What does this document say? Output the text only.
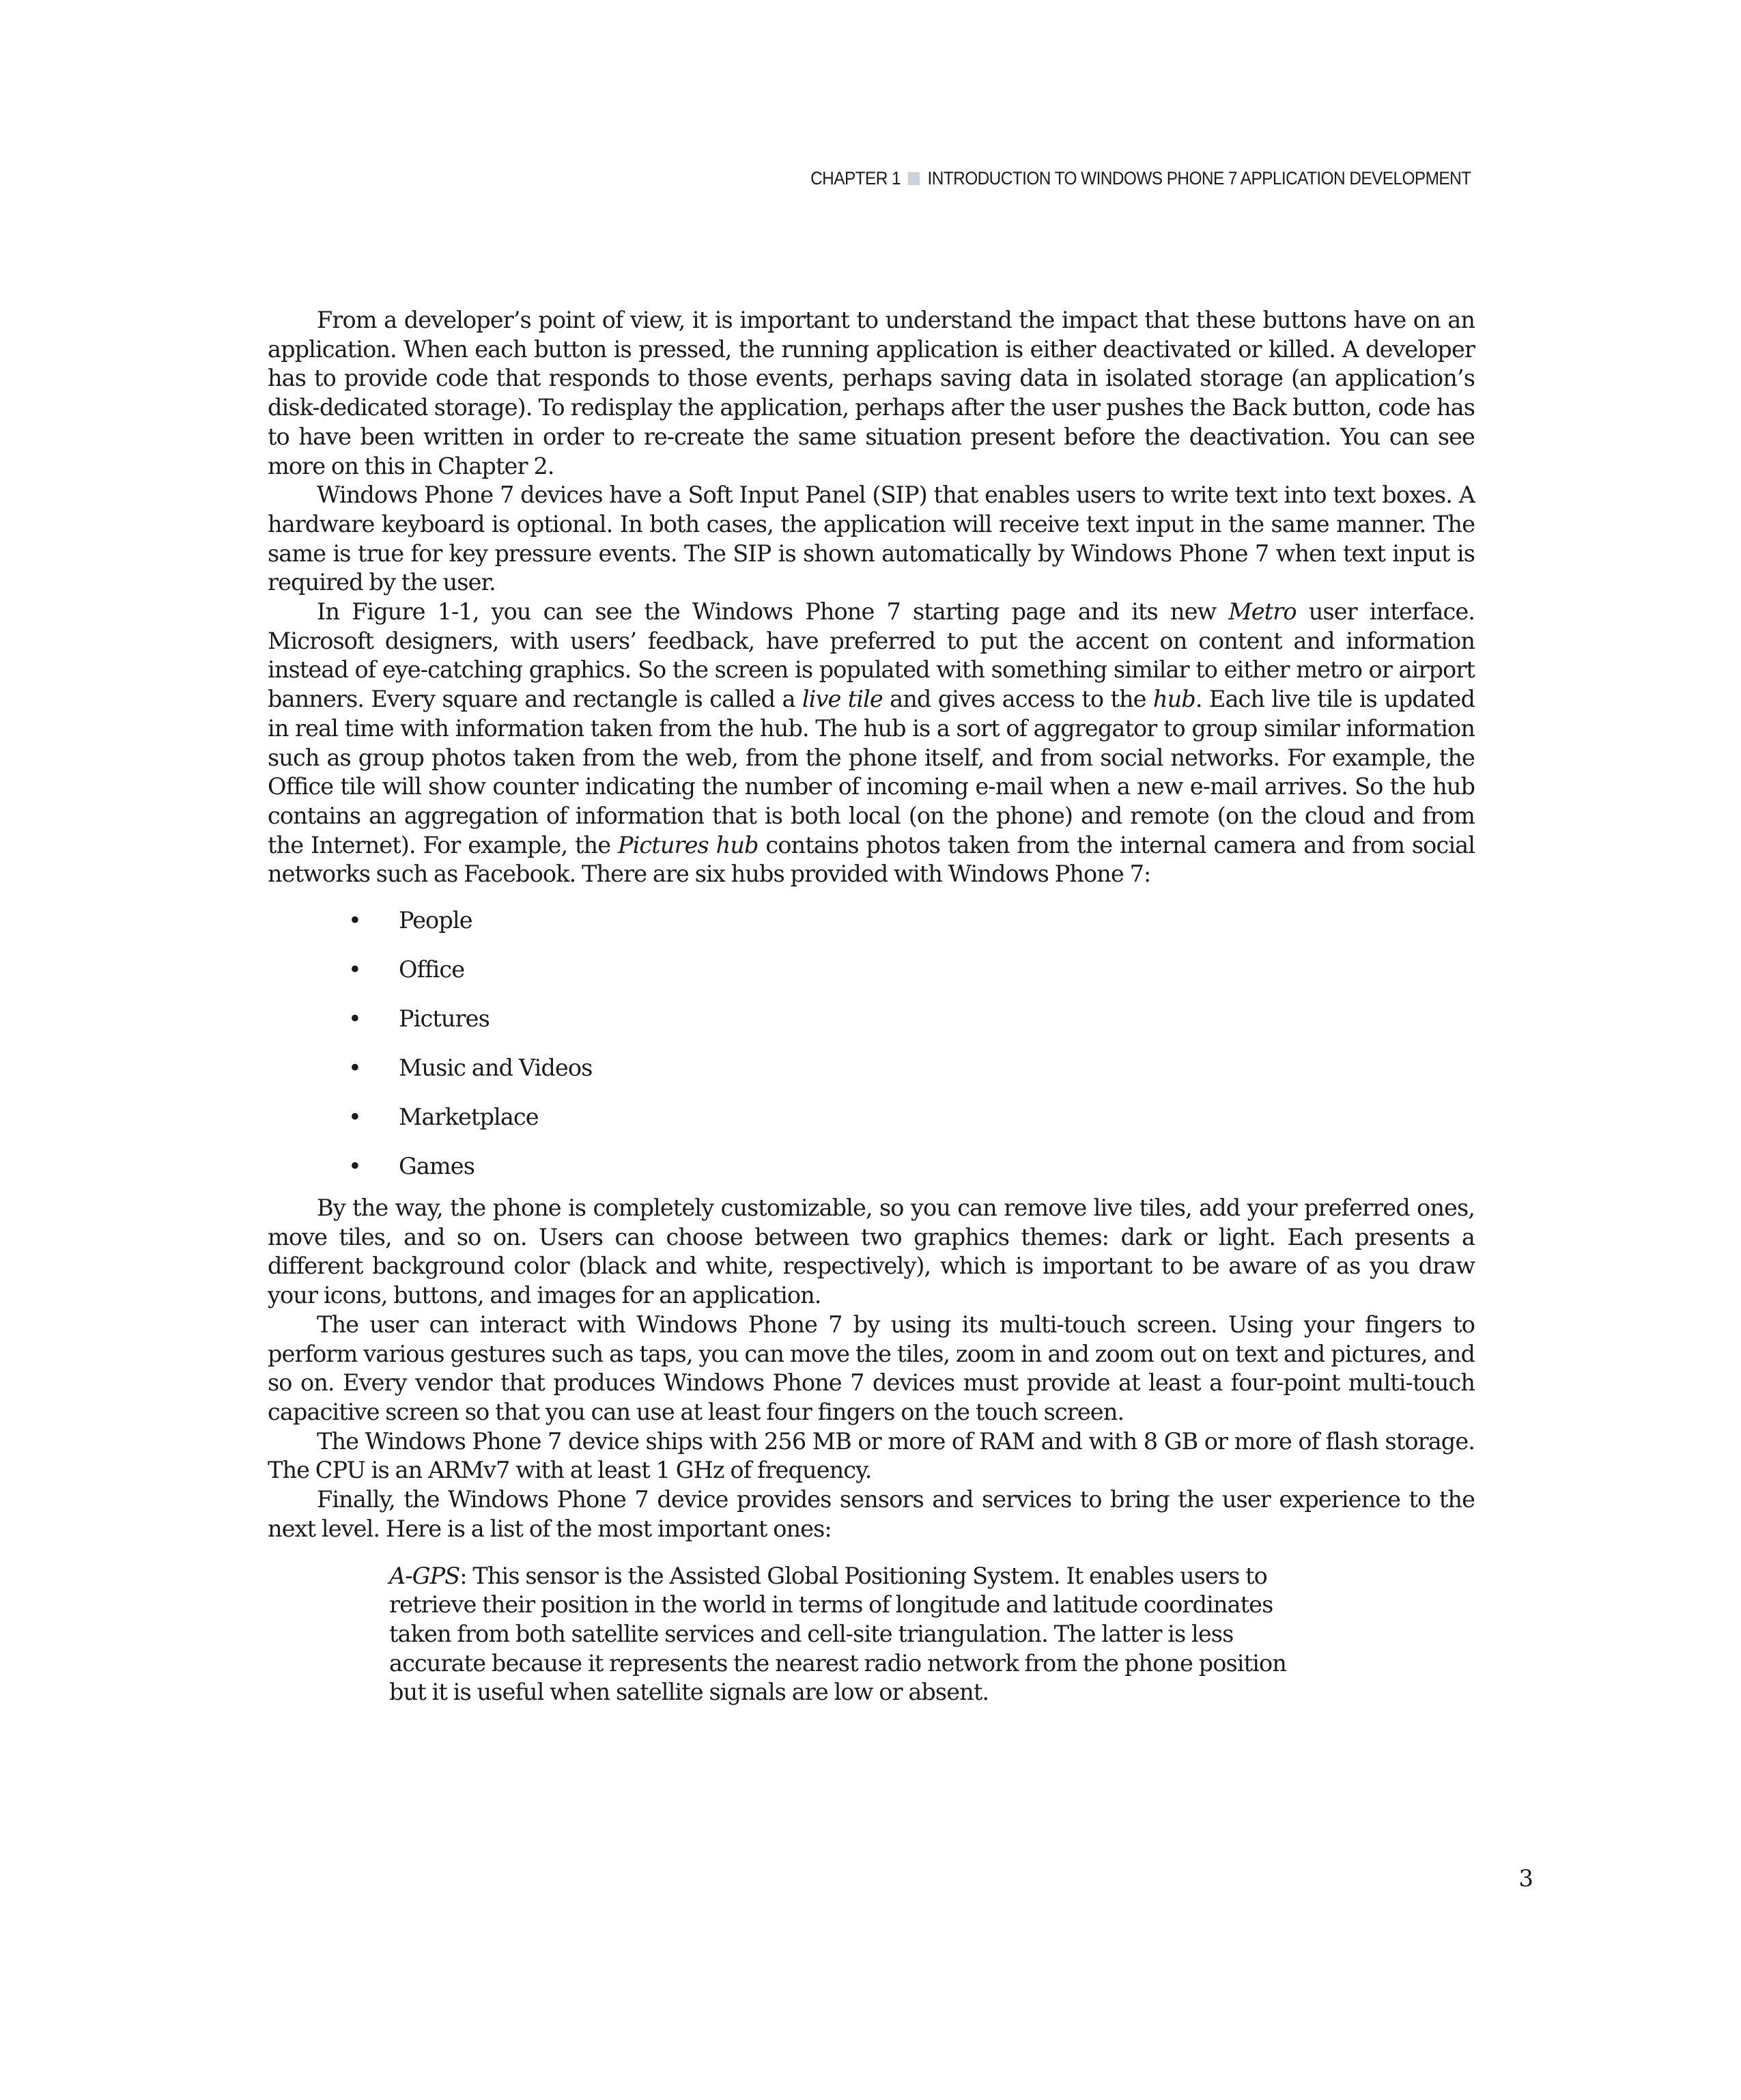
CHAPTER 1 INTRODUCTION TO WINDOWS PHONE 7 APPLICATION DEVELOPMENT

From a developer’s point of view, it is important to understand the impact that these buttons have on an application. When each button is pressed, the running application is either deactivated or killed. A developer has to provide code that responds to those events, perhaps saving data in isolated storage (an application’s disk-dedicated storage). To redisplay the application, perhaps after the user pushes the Back button, code has to have been written in order to re-create the same situation present before the deactivation. You can see more on this in Chapter 2.

Windows Phone 7 devices have a Soft Input Panel (SIP) that enables users to write text into text boxes. A hardware keyboard is optional. In both cases, the application will receive text input in the same manner. The same is true for key pressure events. The SIP is shown automatically by Windows Phone 7 when text input is required by the user.

In Figure 1-1, you can see the Windows Phone 7 starting page and its new Metro user interface. Microsoft designers, with users’ feedback, have preferred to put the accent on content and information instead of eye-catching graphics. So the screen is populated with something similar to either metro or airport banners. Every square and rectangle is called a live tile and gives access to the hub. Each live tile is updated in real time with information taken from the hub. The hub is a sort of aggregator to group similar information such as group photos taken from the web, from the phone itself, and from social networks. For example, the Office tile will show counter indicating the number of incoming e-mail when a new e-mail arrives. So the hub contains an aggregation of information that is both local (on the phone) and remote (on the cloud and from the Internet). For example, the Pictures hub contains photos taken from the internal camera and from social networks such as Facebook. There are six hubs provided with Windows Phone 7:

• People
• Office
• Pictures
• Music and Videos
• Marketplace
• Games

By the way, the phone is completely customizable, so you can remove live tiles, add your preferred ones, move tiles, and so on. Users can choose between two graphics themes: dark or light. Each presents a different background color (black and white, respectively), which is important to be aware of as you draw your icons, buttons, and images for an application.

The user can interact with Windows Phone 7 by using its multi-touch screen. Using your fingers to perform various gestures such as taps, you can move the tiles, zoom in and zoom out on text and pictures, and so on. Every vendor that produces Windows Phone 7 devices must provide at least a four-point multi-touch capacitive screen so that you can use at least four fingers on the touch screen.

The Windows Phone 7 device ships with 256 MB or more of RAM and with 8 GB or more of flash storage. The CPU is an ARMv7 with at least 1 GHz of frequency.

Finally, the Windows Phone 7 device provides sensors and services to bring the user experience to the next level. Here is a list of the most important ones:

A-GPS: This sensor is the Assisted Global Positioning System. It enables users to retrieve their position in the world in terms of longitude and latitude coordinates taken from both satellite services and cell-site triangulation. The latter is less accurate because it represents the nearest radio network from the phone position but it is useful when satellite signals are low or absent.

3
